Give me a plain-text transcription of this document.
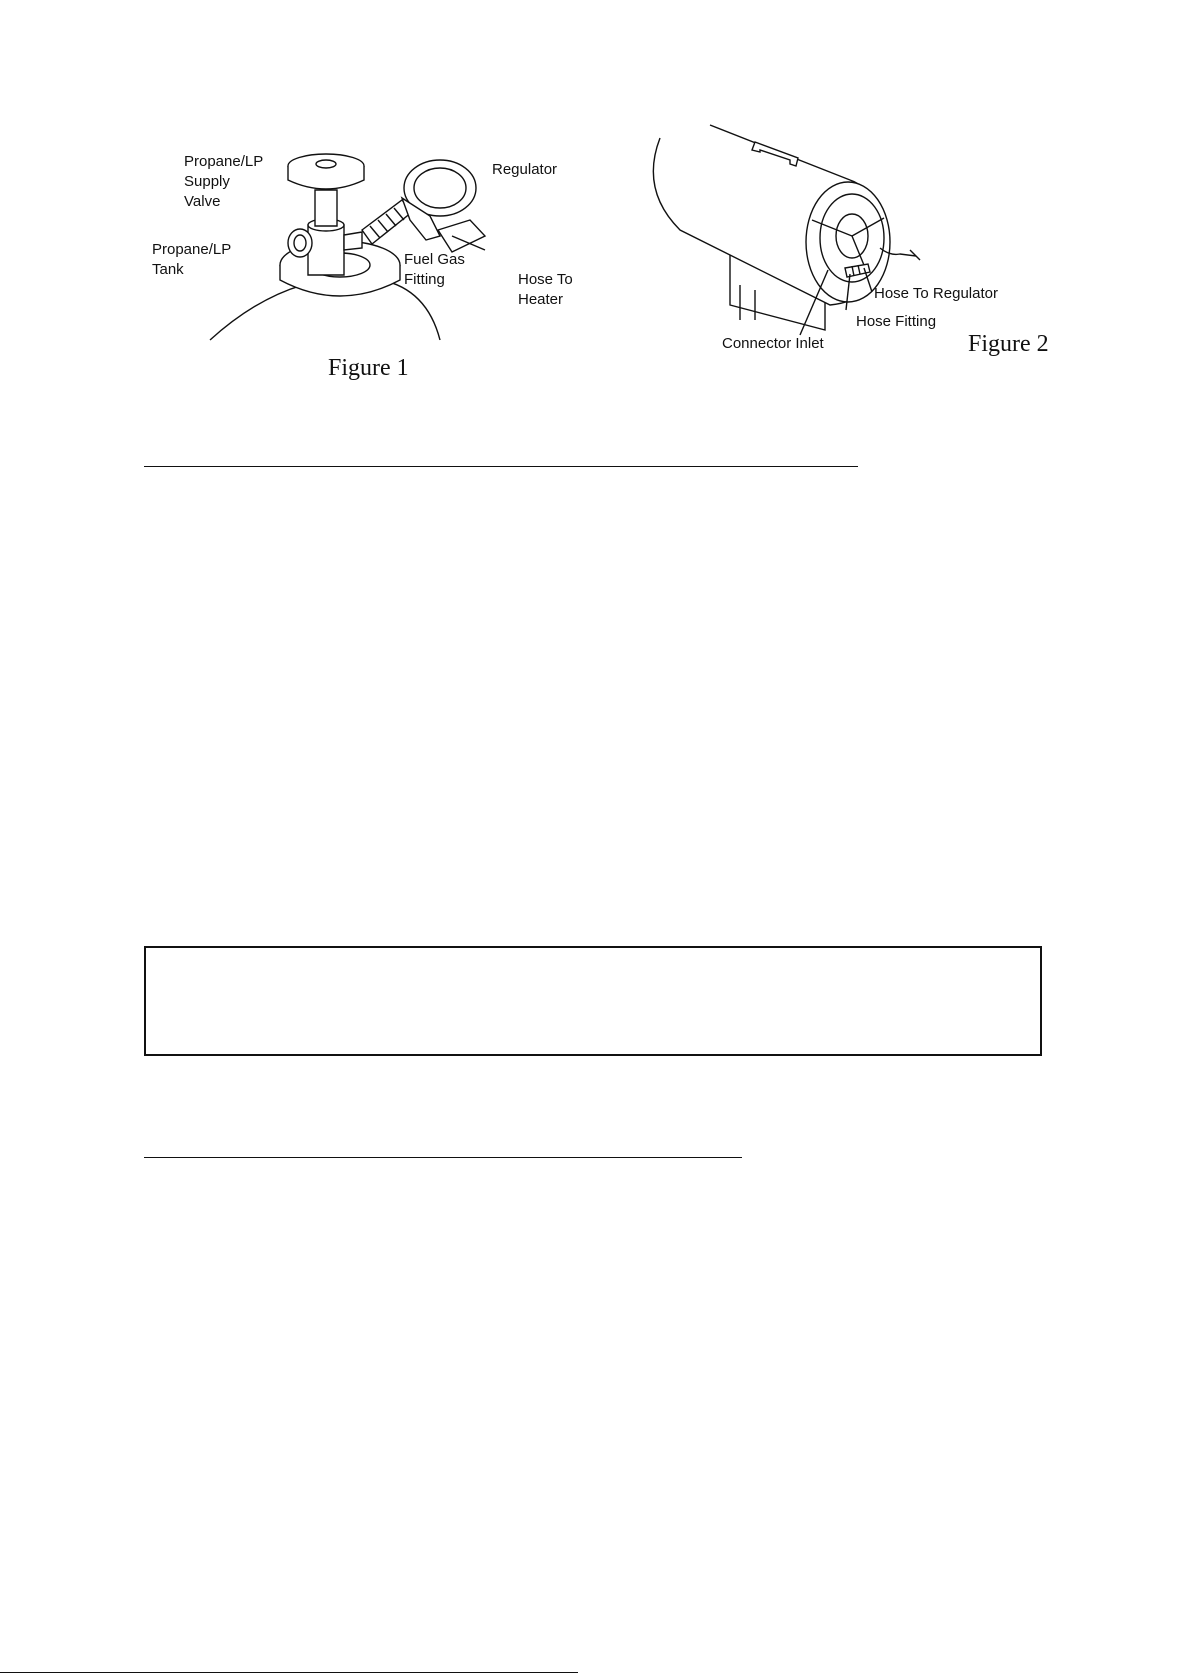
Propane/LP
Supply
Valve
Propane/LP
Tank
Regulator
Fuel Gas
Fitting	Hose To
Heater
Figure 1
Hose To Regulator
Hose Fitting
Connector Inlet	Figure 2
